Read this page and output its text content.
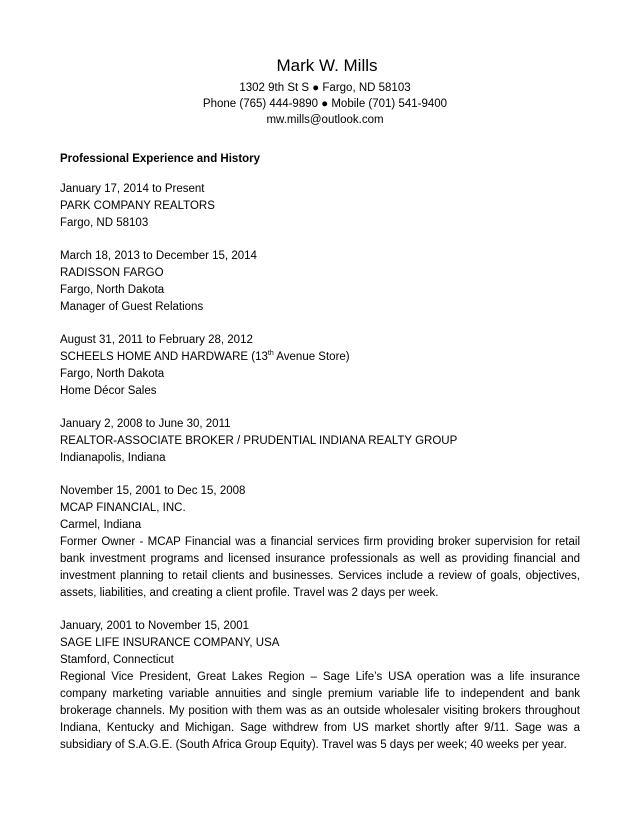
Mark W. Mills

1302 9th St S ● Fargo, ND 58103

Phone (765) 444-9890 ● Mobile (701) 541-9400

mw.mills@outlook.com

Professional Experience and History

January 17, 2014 to Present

PARK COMPANY REALTORS

Fargo, ND 58103

March 18, 2013 to December 15, 2014

RADISSON FARGO

Fargo, North Dakota

Manager of Guest Relations

August 31, 2011 to February 28, 2012

SCHEELS HOME AND HARDWARE (13th Avenue Store)

Fargo, North Dakota

Home Décor Sales

January 2, 2008 to June 30, 2011

REALTOR-ASSOCIATE BROKER / PRUDENTIAL INDIANA REALTY GROUP

Indianapolis, Indiana

November 15, 2001 to Dec 15, 2008

MCAP FINANCIAL, INC.

Carmel, Indiana

Former Owner - MCAP Financial was a financial services firm providing broker supervision for retail bank investment programs and licensed insurance professionals as well as providing financial and investment planning to retail clients and businesses. Services include a review of goals, objectives, assets, liabilities, and creating a client profile. Travel was 2 days per week.

January, 2001 to November 15, 2001

SAGE LIFE INSURANCE COMPANY, USA

Stamford, Connecticut

Regional Vice President, Great Lakes Region – Sage Life’s USA operation was a life insurance company marketing variable annuities and single premium variable life to independent and bank brokerage channels. My position with them was as an outside wholesaler visiting brokers throughout Indiana, Kentucky and Michigan. Sage withdrew from US market shortly after 9/11. Sage was a subsidiary of S.A.G.E. (South Africa Group Equity). Travel was 5 days per week; 40 weeks per year.
